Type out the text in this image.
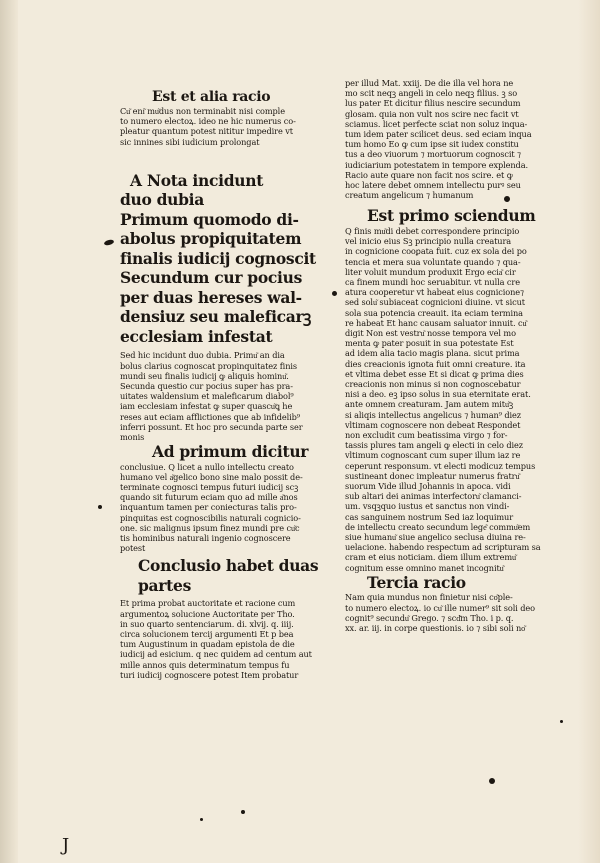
Est et alia racio
Cu͂ eni͂ mu͂dus non terminabit nisi comple
to numero electoꝝ. ideo ne hic numerus co-
pleatur quantum potest nititur impedire vt
sic innines sibi iudicium prolongat
A Nota incidunt
duo dubia
Primum quomodo di-
abolus propiquitatem
finalis iudicij cognoscit
Secundum cur pocius
per duas hereses wal-
densiuz seu maleficarꝫ
ecclesiam infestat
Sed hic incidunt duo dubia. Primu͂ an dia
bolus clarius cognoscat propinquitatez finis
mundi seu finalis iudicij ꝙ aliquis hominu͂.
Secunda questio cur pocius super has pra-
uitates waldensium et maleficarum diabol⁹
iam ecclesiam infestat ꝙ super quascu͂ꝗ he
reses aut eciam afflictiones que ab infidelib⁹
inferri possunt. Et hoc pro secunda parte ser
monis
Ad primum dicitur
conclusiue. Q licet a nullo intellectu creato
humano vel a͂gelico bono sine malo possit de-
terminate cognosci tempus futuri iudicij scꝫ
quando sit futurum eciam quo ad mille a͂nos
inquantum tamen per coniecturas talis pro-
pinquitas est cognoscibilis naturali cognicio-
one. sic malignus ipsum finez mundi pre cu͂c
tis hominibus naturali ingenio cognoscere
potest
Conclusio habet duas
partes
Et prima probat auctoritate et racione cum
argumentoꝝ solucione Auctoritate per Tho.
in suo quarto sentenciarum. di. xlvij. q. iiij.
circa solucionem tercij argumenti Et p bea
tum Augustinum in quadam epistola de die
iudicij ad esicium. q nec quidem ad centum aut
mille annos quis determinatum tempus fu
turi iudicij cognoscere potest Item probatur
per illud Mat. xxiij. De die illa vel hora ne
mo scit neqꝫ angeli in celo neqꝫ filius. ꝫ so
lus pater Et dicitur filius nescire secundum
glosam. quia non vult nos scire nec facit vt
sciamus. licet perfecte sciat non soluz inqua-
tum idem pater scilicet deus. sed eciam inqua
tum homo Eo ꝙ cum ipse sit iudex constitu
tus a deo viuorum ⁊ mortuorum cognoscit ⁊
iudiciarium potestatem in tempore explenda.
Racio aute quare non facit nos scire. et ꝙ
hoc latere debet omnem intellectu purꝰ seu
creatum angelicum ⁊ humanum
Est primo sciendum
Q finis mu͂di debet correspondere principio
vel inicio eius Sꝫ principio nulla creatura
in cognicione cooꝑata fuit. cuz ex sola dei po
tencia et mera sua voluntate quando ⁊ qua-
liter voluit mundum produxit Ergo ecia͂ cir
ca finem mundi hoc seruabitur. vt nulla cre
atura cooperetur vt habeat eius cognicione⁊
sed solu͂ subiaceat cognicioni diuine. vt sicut
sola sua potencia creauit. ita eciam termina
re habeat Et hanc causam saluator innuit. cu͂
digit Non est vestru͂ nosse tempora vel mo
menta ꝙ pater posuit in sua potestate Est
ad idem alia tacio magis plana. sicut prima
dies creacionis ignota fuit omni creature. ita
et vltima debet esse Et si dicat ꝙ prima dies
creacionis non minus si non cognoscebatur
nisi a deo. eꝫ ipso solus in sua eternitate erat.
ante omnem creaturam. Jam autem mitu͂ꝫ
si aliqis intellectus angelicus ⁊ human⁹ diez
vltimam cognoscere non debeat Respondet
non excludit cum beatissima virgo ⁊ for-
tassis plures tam angeli ꝙ electi in celo diez
vltimum cognoscant cum super illum iaz re
ceperunt responsum. vt electi modicuz tempus
sustineant donec impleatur numerus fratru͂
suorum Vide illud Johannis in apoca. vidi
sub altari dei animas interfectoru͂ clamanci-
um. vsqꝫquo iustus et sanctus non vindi-
cas sanguinem nostrum Sed iaz loquimur
de intellectu creato secundum lege͂ commu͂em
siue humanu͂ siue angelico seclusa diuina re-
uelacione. habendo respectum ad scripturam sa
cram et eius noticiam. diem illum extremu͂
cognitum esse omnino manet incognitu͂
Tercia racio
Nam quia mundus non finietur nisi co͂ple-
to numero electoꝝ. io cu͂ ille numer⁹ sit soli deo
cognit⁹ secundu͂ Grego. ⁊ scd͂m Tho. i p. q.
xx. ar. iij. in corpe questionis. io ⁊ sibi soli no͂
J
